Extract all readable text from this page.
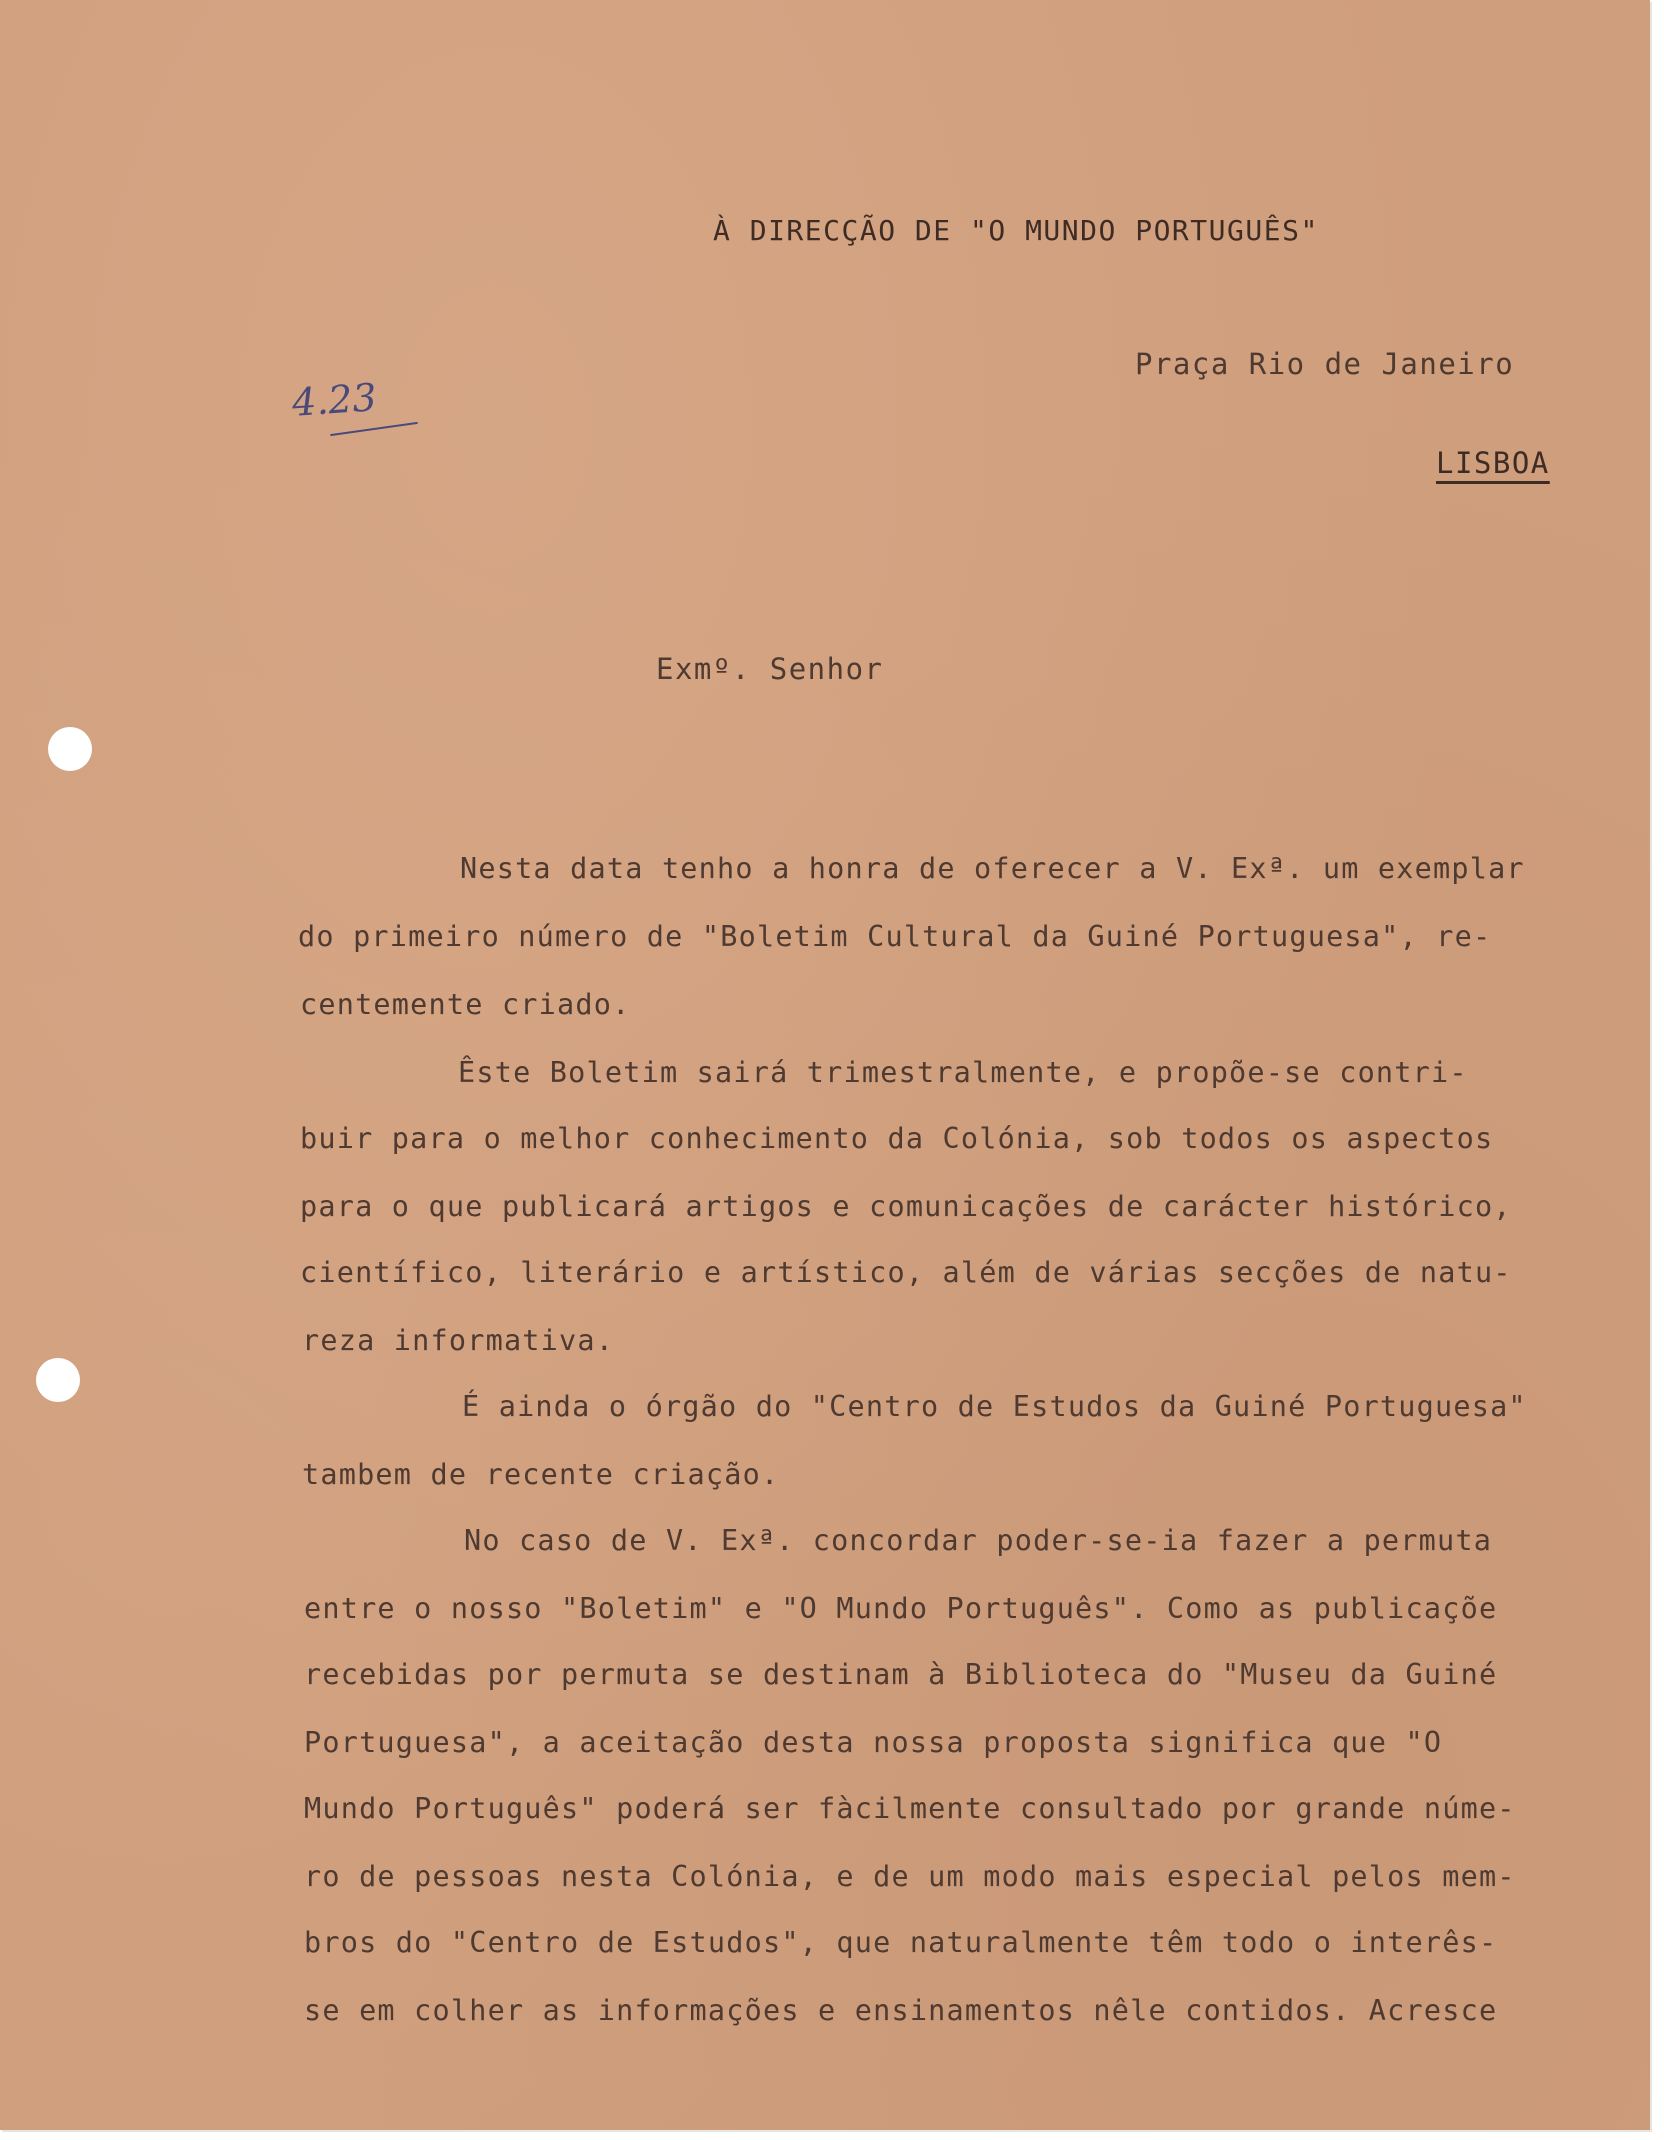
À DIRECÇÃO DE "O MUNDO PORTUGUÊS"
Praça Rio de Janeiro
LISBOA
4.23
Exmº. Senhor
Nesta data tenho a honra de oferecer a V. Exª. um exemplar
do primeiro número de "Boletim Cultural da Guiné Portuguesa", re-
centemente criado.
Êste Boletim sairá trimestralmente, e propõe-se contri-
buir para o melhor conhecimento da Colónia, sob todos os aspectos
para o que publicará artigos e comunicações de carácter histórico,
científico, literário e artístico, além de várias secções de natu-
reza informativa.
É ainda o órgão do "Centro de Estudos da Guiné Portuguesa"
tambem de recente criação.
No caso de V. Exª. concordar poder-se-ia fazer a permuta
entre o nosso "Boletim" e "O Mundo Português". Como as publicaçõe
recebidas por permuta se destinam à Biblioteca do "Museu da Guiné
Portuguesa", a aceitação desta nossa proposta significa que "O
Mundo Português" poderá ser fàcilmente consultado por grande núme-
ro de pessoas nesta Colónia, e de um modo mais especial pelos mem-
bros do "Centro de Estudos", que naturalmente têm todo o interês-
se em colher as informações e ensinamentos nêle contidos. Acresce
